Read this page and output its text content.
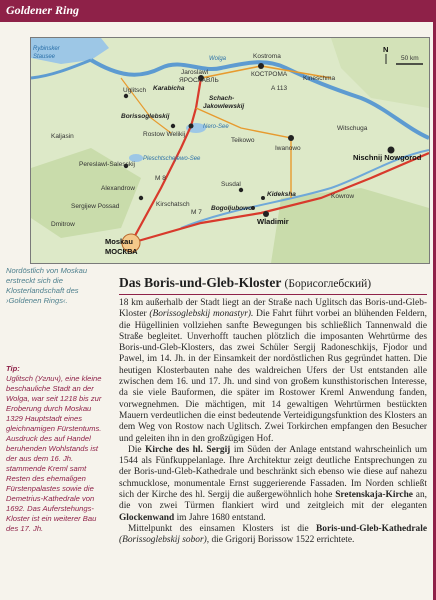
Goldener Ring
N
50 km
Uglitsch
Rybinsker
Stausee
Jaroslawl
ЯРОСЛАВЛЬ
Karabicha
Wolga	Kostroma
КОСТРОМА
Kineschma
A 113
Schach-
Jakowlewskij
Borissoglebskij
Rostow Welikij
Nero-See
Kaljasin
Teikowo
Iwanowo
Witschuga
Nischnij Nowgorod
Pereslawl-Salesskij
Pleschtschejewo-See
Susdal
Kideksha
Bogoljubowo
Wladimir
Kowrow
Alexandrow
Kirschatsch
Sergijew Possad
Dmitrow
M 7
M 8
Moskau
МОСКВА
Nordöstlich von Moskau erstreckt sich die Klosterlandschaft des ›Goldenen Rings‹.
Tip:
Uglitsch (Углич), eine kleine beschauliche Stadt an der Wolga, war seit 1218 bis zur Eroberung durch Moskau 1329 Hauptstadt eines gleichnamigen Fürstentums. Ausdruck des auf Handel beruhenden Wohlstands ist der aus dem 16. Jh. stammende Kreml samt Resten des ehemaligen Fürstenpalastes sowie die Demetrius-Kathedrale von 1692. Das Auferstehungs-Kloster ist ein weiterer Bau des 17. Jh.
Das Boris-und-Gleb-Kloster (Борисоглебский)

18 km außerhalb der Stadt liegt an der Straße nach Uglitsch das Boris-und-Gleb-Kloster (Borissoglebskij monastyr). Die Fahrt führt vorbei an blühenden Feldern, die Hügellinien vollziehen sanfte Bewegungen bis schließlich Tannenwald die Straße begleitet. Unverhofft tauchen plötzlich die imposanten Wehrtürme des Boris-und-Gleb-Klosters, das zwei Schüler Sergij Radoneschkijs, Fjodor und Pawel, im 14. Jh. in der Einsamkeit der nordöstlichen Rus gegründet hatten. Die heutigen Klosterbauten nahe des waldreichen Ufers der Ust entstanden alle zwischen dem 16. und 17. Jh. und sind von großem kunsthistorischen Interesse, da sie viele Bauformen, die später im Rostower Kreml Anwendung fanden, vorwegnehmen. Die mächtigen, mit 14 gewaltigen Wehrtürmen bestückten Mauern verdeutlichen die einst bedeutende Verteidigungsfunktion des Klosters an dem Weg von Rostow nach Uglitsch. Zwei Torkirchen empfangen den Besucher und geleiten ihn in den großzügigen Hof.

Die Kirche des hl. Sergij im Süden der Anlage entstand wahrscheinlich um 1544 als Fünfkuppelanlage. Ihre Architektur zeigt deutliche Entsprechungen zu der Boris-und-Gleb-Kathedrale und beschränkt sich ebenso wie diese auf nahezu schmucklose, monumentale Ernst suggerierende Fassaden. Im Norden schließt sich der Kirche des hl. Sergij die außergewöhnlich hohe Sretenskaja-Kirche an, die von zwei Türmen flankiert wird und zeitgleich mit der eleganten Glockenwand im Jahre 1680 entstand.

Mittelpunkt des einsamen Klosters ist die Boris-und-Gleb-Kathedrale (Borissoglebskij sobor), die Grigorij Borissow 1522 errichtete.
